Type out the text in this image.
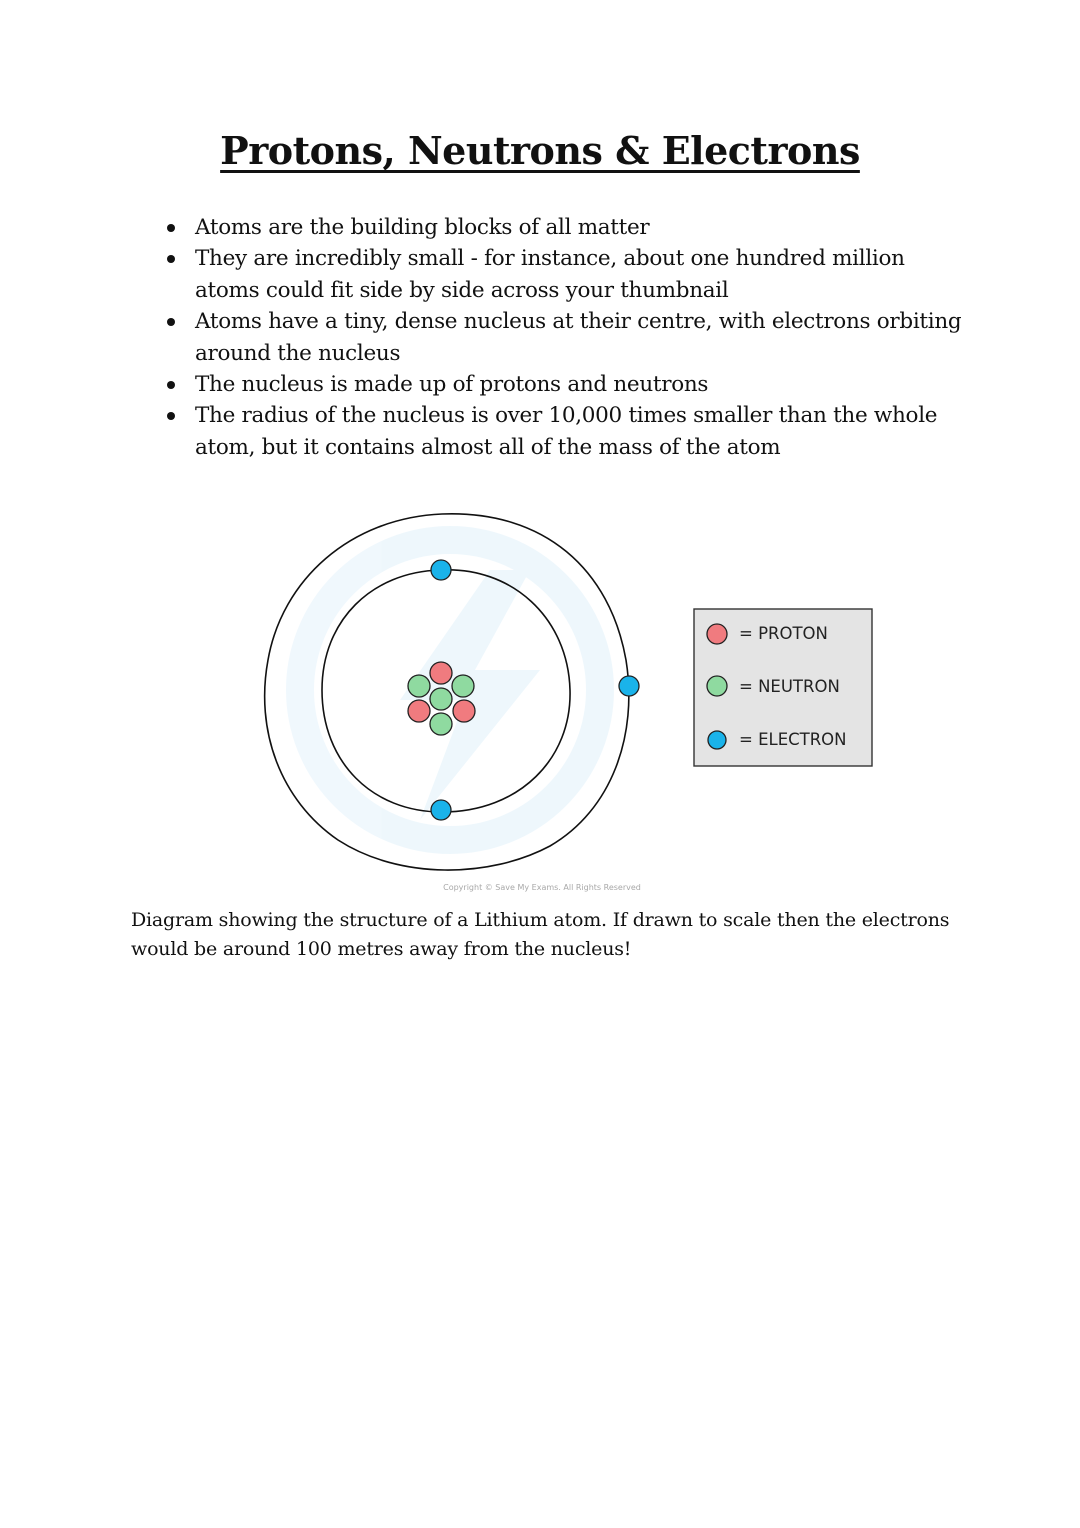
Protons, Neutrons & Electrons
Atoms are the building blocks of all matter
They are incredibly small - for instance, about one hundred million atoms could fit side by side across your thumbnail
Atoms have a tiny, dense nucleus at their centre, with electrons orbiting around the nucleus
The nucleus is made up of protons and neutrons
The radius of the nucleus is over 10,000 times smaller than the whole atom, but it contains almost all of the mass of the atom
= PROTON
= NEUTRON
= ELECTRON
Copyright © Save My Exams. All Rights Reserved

Diagram showing the structure of a Lithium atom. If drawn to scale then the electrons would be around 100 metres away from the nucleus!
